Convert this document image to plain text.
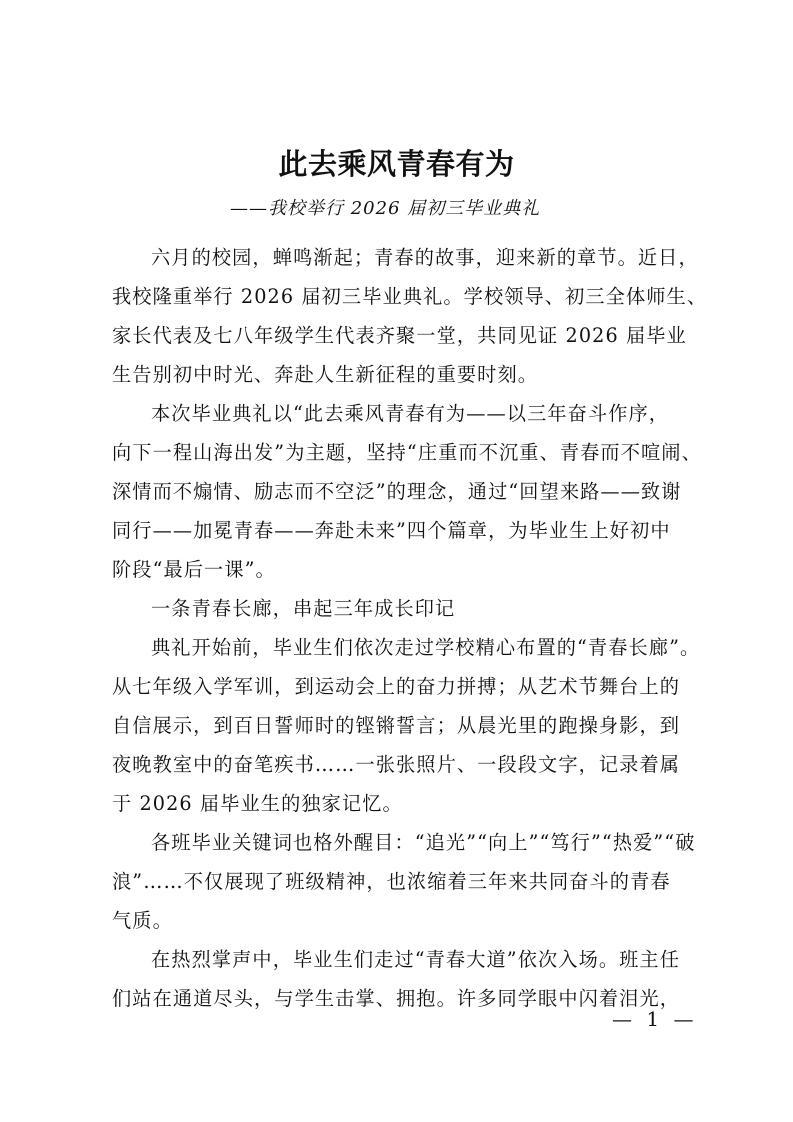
此去乘风青春有为
——我校举行 2026 届初三毕业典礼
六月的校园，蝉鸣渐起；青春的故事，迎来新的章节。近日，
我校隆重举行 2026 届初三毕业典礼。学校领导、初三全体师生、
家长代表及七八年级学生代表齐聚一堂，共同见证 2026 届毕业
生告别初中时光、奔赴人生新征程的重要时刻。
本次毕业典礼以“此去乘风青春有为——以三年奋斗作序，
向下一程山海出发”为主题，坚持“庄重而不沉重、青春而不喧闹、
深情而不煽情、励志而不空泛”的理念，通过“回望来路——致谢
同行——加冕青春——奔赴未来”四个篇章，为毕业生上好初中
阶段“最后一课”。
一条青春长廊，串起三年成长印记
典礼开始前，毕业生们依次走过学校精心布置的“青春长廊”。
从七年级入学军训，到运动会上的奋力拼搏；从艺术节舞台上的
自信展示，到百日誓师时的铿锵誓言；从晨光里的跑操身影，到
夜晚教室中的奋笔疾书……一张张照片、一段段文字，记录着属
于 2026 届毕业生的独家记忆。
各班毕业关键词也格外醒目：“追光”“向上”“笃行”“热爱”“破
浪”……不仅展现了班级精神，也浓缩着三年来共同奋斗的青春
气质。
在热烈掌声中，毕业生们走过“青春大道”依次入场。班主任
们站在通道尽头，与学生击掌、拥抱。许多同学眼中闪着泪光，
— 1 —
